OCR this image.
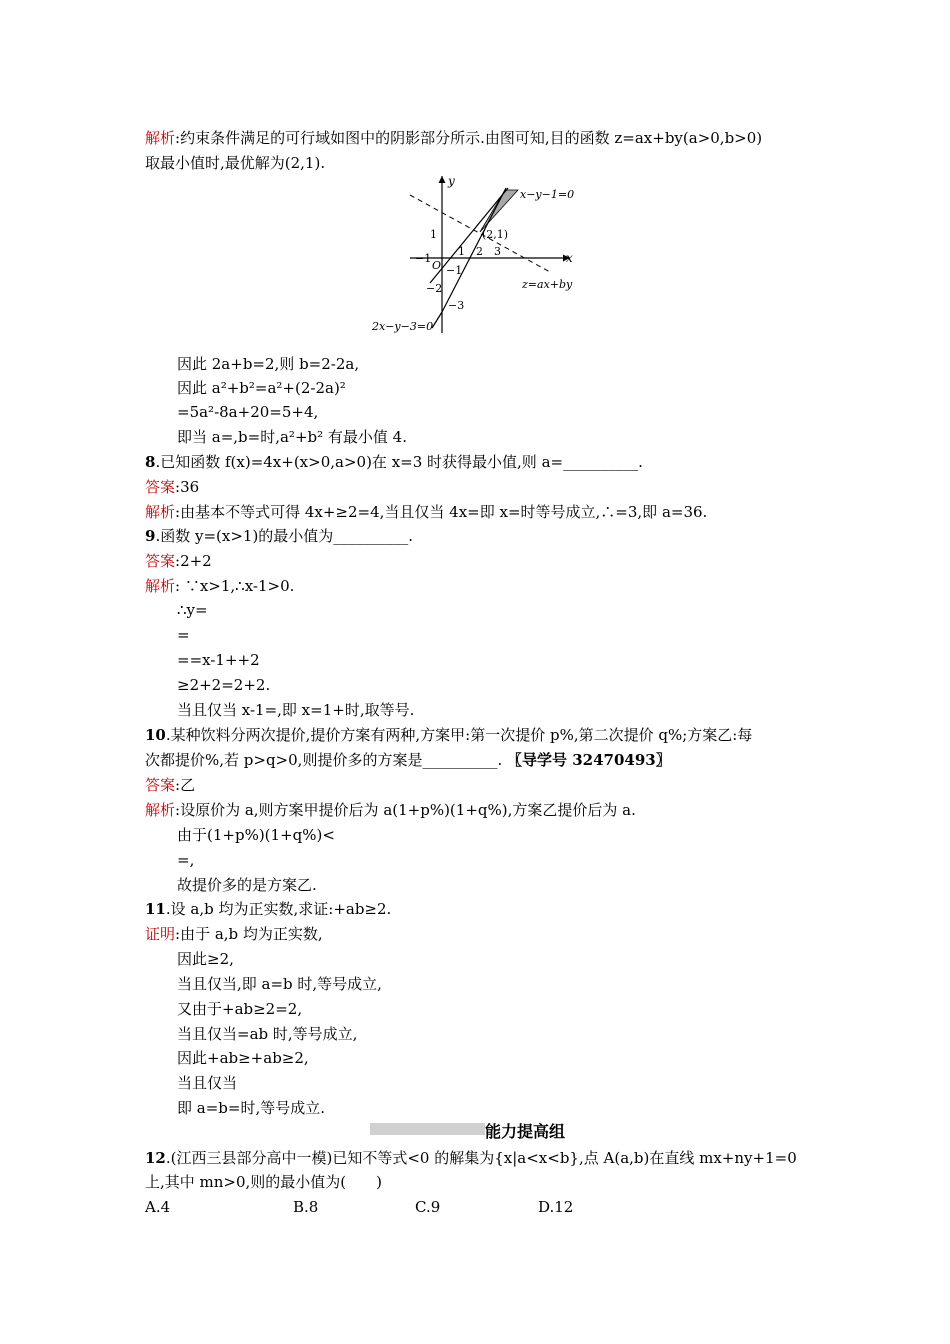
解析:约束条件满足的可行域如图中的阴影部分所示.由图可知,目的函数 z=ax+by(a>0,b>0)
取最小值时,最优解为(2,1).
y
x
O
1
1 2 3
−1
−1
−2
−3
x−y−1=0
(2,1)
z=ax+by
2x−y−3=0
因此 2a+b=2,则 b=2-2a,
因此 a²+b²=a²+(2-2a)²
=5a²-8a+20=5+4,
即当 a=,b=时,a²+b² 有最小值 4.
8.已知函数 f(x)=4x+(x>0,a>0)在 x=3 时获得最小值,则 a=__________.
答案:36
解析:由基本不等式可得 4x+≥2=4,当且仅当 4x=即 x=时等号成立,∴=3,即 a=36.
9.函数 y=(x>1)的最小值为__________.
答案:2+2
解析: ∵x>1,∴x-1>0.
∴y=
=
==x-1++2
≥2+2=2+2.
当且仅当 x-1=,即 x=1+时,取等号.
10.某种饮料分两次提价,提价方案有两种,方案甲:第一次提价 p%,第二次提价 q%;方案乙:每
次都提价%,若 p>q>0,则提价多的方案是__________. 〖导学号 32470493〗
答案:乙
解析:设原价为 a,则方案甲提价后为 a(1+p%)(1+q%),方案乙提价后为 a.
由于(1+p%)(1+q%)<
=,
故提价多的是方案乙.
11.设 a,b 均为正实数,求证:+ab≥2.
证明:由于 a,b 均为正实数,
因此≥2,
当且仅当,即 a=b 时,等号成立,
又由于+ab≥2=2,
当且仅当=ab 时,等号成立,
因此+ab≥+ab≥2,
当且仅当
即 a=b=时,等号成立.
能力提高组
12.(江西三县部分高中一模)已知不等式<0 的解集为{x|a<x<b},点 A(a,b)在直线 mx+ny+1=0
上,其中 mn>0,则的最小值为(　　)
A.4	B.8	C.9	D.12
